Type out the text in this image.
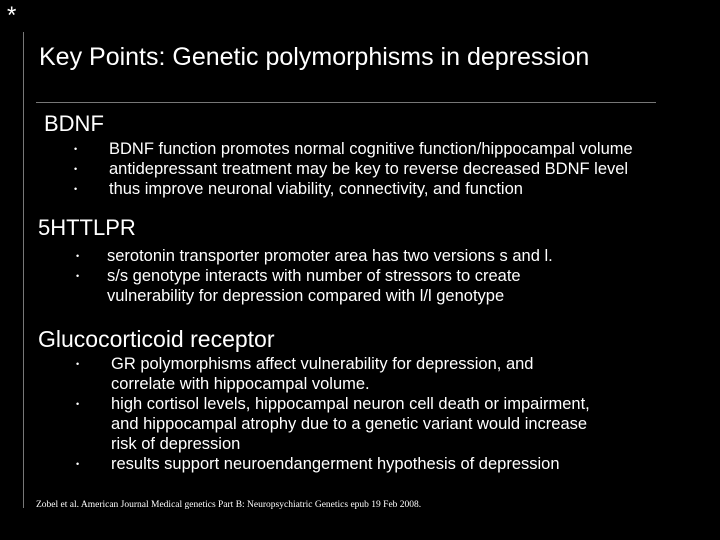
*
Key Points: Genetic polymorphisms in depression
BDNF
• BDNF function promotes normal cognitive function/hippocampal volume
• antidepressant treatment may be key to reverse decreased BDNF level
• thus improve neuronal viability, connectivity, and function
5HTTLPR
• serotonin transporter promoter area has two versions s and l.
• s/s genotype interacts with number of stressors to create
vulnerability for depression compared with l/l genotype
Glucocorticoid receptor
• GR polymorphisms affect vulnerability for depression, and
correlate with hippocampal volume.
• high cortisol levels, hippocampal neuron cell death or impairment,
and hippocampal atrophy due to a genetic variant would increase
risk of depression
• results support neuroendangerment hypothesis of depression
Zobel et al. American Journal Medical genetics Part B: Neuropsychiatric Genetics epub 19 Feb 2008.
